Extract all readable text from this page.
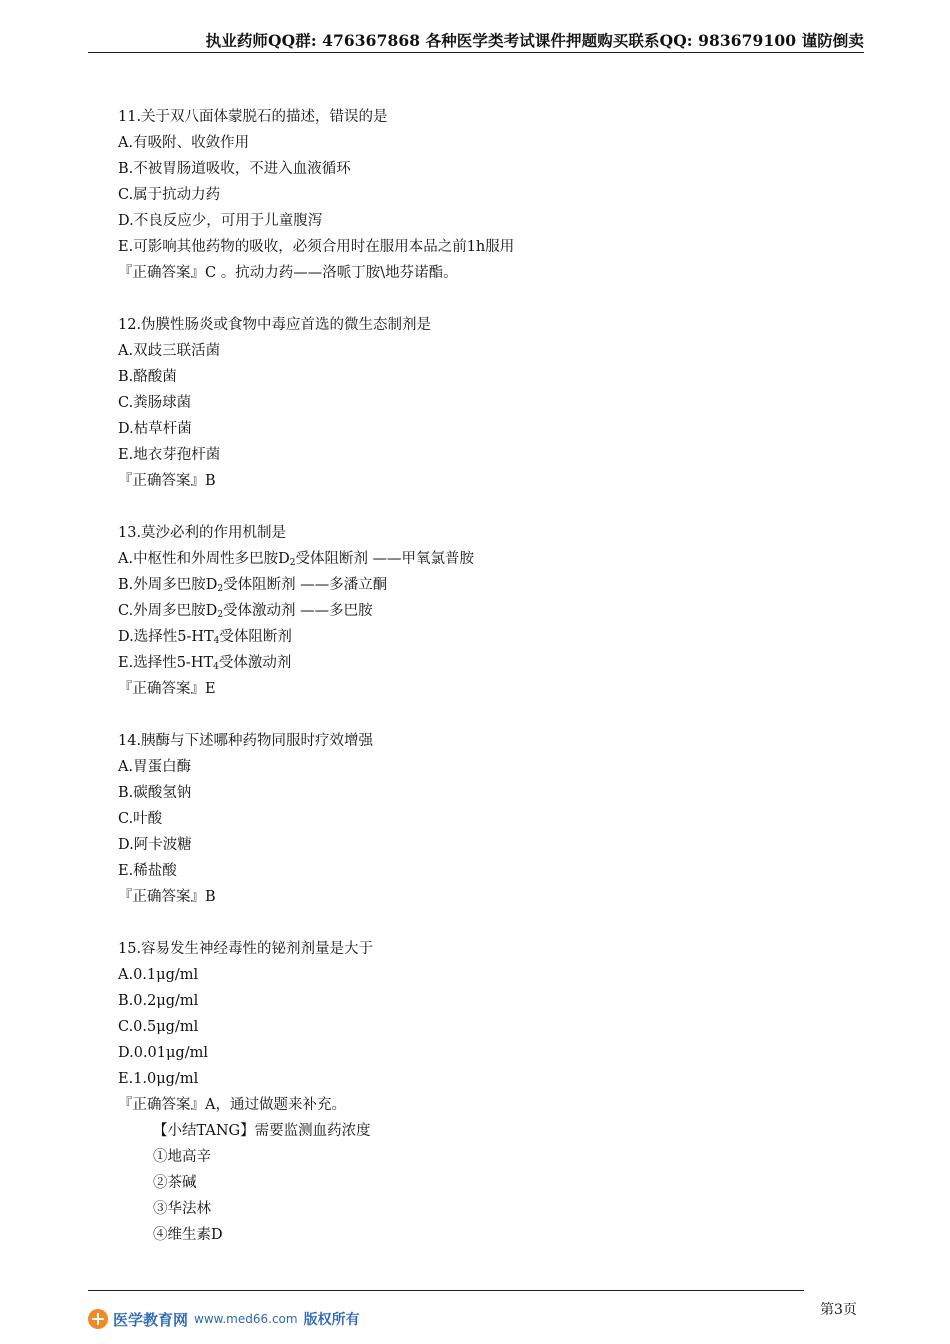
执业药师QQ群: 476367868 各种医学类考试课件押题购买联系QQ: 983679100 谨防倒卖
11.关于双八面体蒙脱石的描述，错误的是
A.有吸附、收敛作用
B.不被胃肠道吸收，不进入血液循环
C.属于抗动力药
D.不良反应少，可用于儿童腹泻
E.可影响其他药物的吸收，必须合用时在服用本品之前1h服用
『正确答案』C 。抗动力药——洛哌丁胺\地芬诺酯。
12.伪膜性肠炎或食物中毒应首选的微生态制剂是
A.双歧三联活菌
B.酪酸菌
C.粪肠球菌
D.枯草杆菌
E.地衣芽孢杆菌
『正确答案』B
13.莫沙必利的作用机制是
A.中枢性和外周性多巴胺$D_2$受体阻断剂 ——甲氧氯普胺
B.外周多巴胺$D_2$受体阻断剂 ——多潘立酮
C.外周多巴胺$D_2$受体激动剂 ——多巴胺
D.选择性$5-HT_4$受体阻断剂
E.选择性$5-HT_4$受体激动剂
『正确答案』E
14.胰酶与下述哪种药物同服时疗效增强
A.胃蛋白酶
B.碳酸氢钠
C.叶酸
D.阿卡波糖
E.稀盐酸
『正确答案』B
15.容易发生神经毒性的铋剂剂量是大于
A.0.1μg/ml
B.0.2μg/ml
C.0.5μg/ml
D.0.01μg/ml
E.1.0μg/ml
『正确答案』A，通过做题来补充。
【小结TANG】需要监测血药浓度
①地高辛
②茶碱
③华法林
④维生素D
医学教育网 www.med66.com 版权所有
第3页
